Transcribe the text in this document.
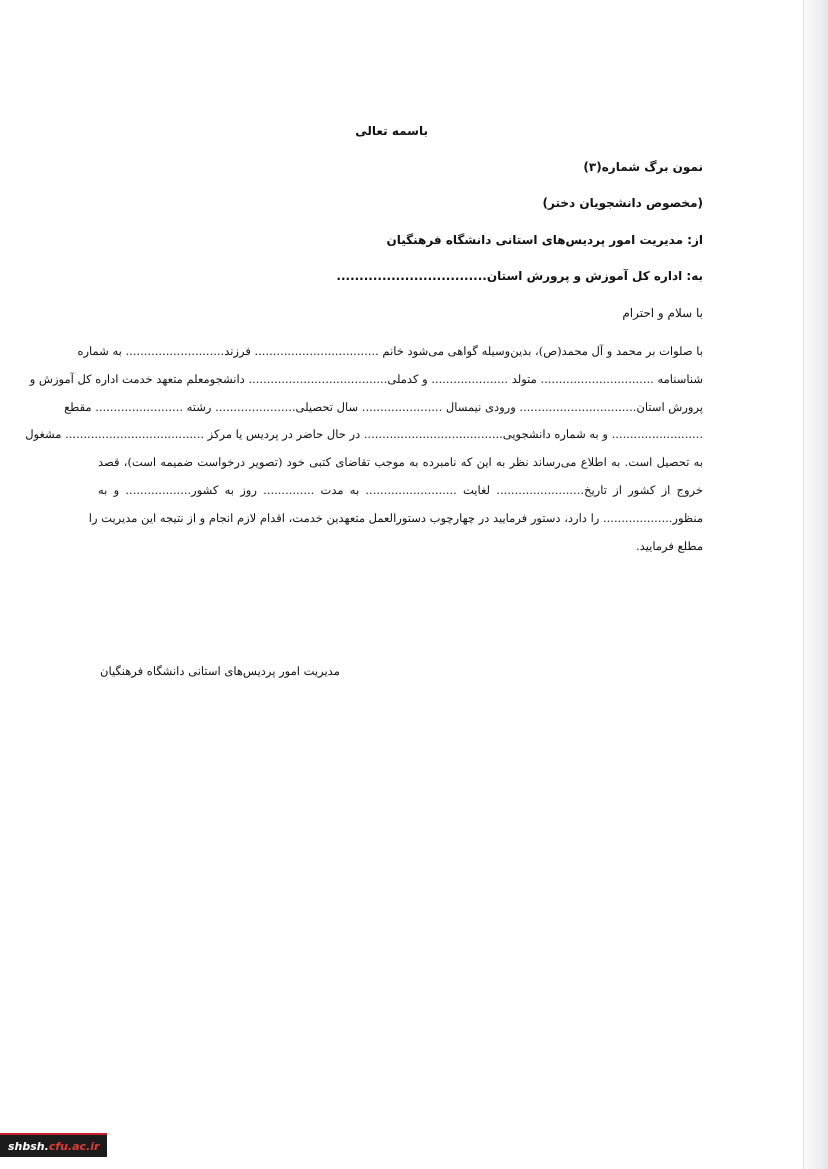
باسمه تعالی
نمون برگ شماره(۳)
(مخصوص دانشجویان دختر)
از: مدیریت امور پردیس‌های استانی دانشگاه فرهنگیان
به: اداره کل آموزش و پرورش استان.................................
با سلام و احترام
با صلوات بر محمد و آل محمد(ص)، بدین‌وسیله گواهی می‌شود خانم .................................. فرزند........................... به شماره
شناسنامه ............................... متولد ..................... و کدملی...................................... دانشجومعلم متعهد خدمت اداره کل آموزش و
پرورش استان................................ ورودی نیمسال ...................... سال تحصیلی...................... رشته ........................ مقطع
......................... و به شماره دانشجویی...................................... در حال حاضر در پردیس یا مرکز ...................................... مشغول
به تحصیل است. به اطلاع می‌رساند نظر به این که نامبرده به موجب تقاضای کتبی خود (تصویر درخواست ضمیمه است)، قصد
خروج از کشور از تاریخ........................ لغایت ......................... به مدت .............. روز به کشور.................. و به
منظور................... را دارد، دستور فرمایید در چهارچوب دستورالعمل متعهدین خدمت، اقدام لازم انجام و از نتیجه این مدیریت را
مطلع فرمایید.
مدیریت امور پردیس‌های استانی دانشگاه فرهنگیان
shbsh. cfu.ac.ir
